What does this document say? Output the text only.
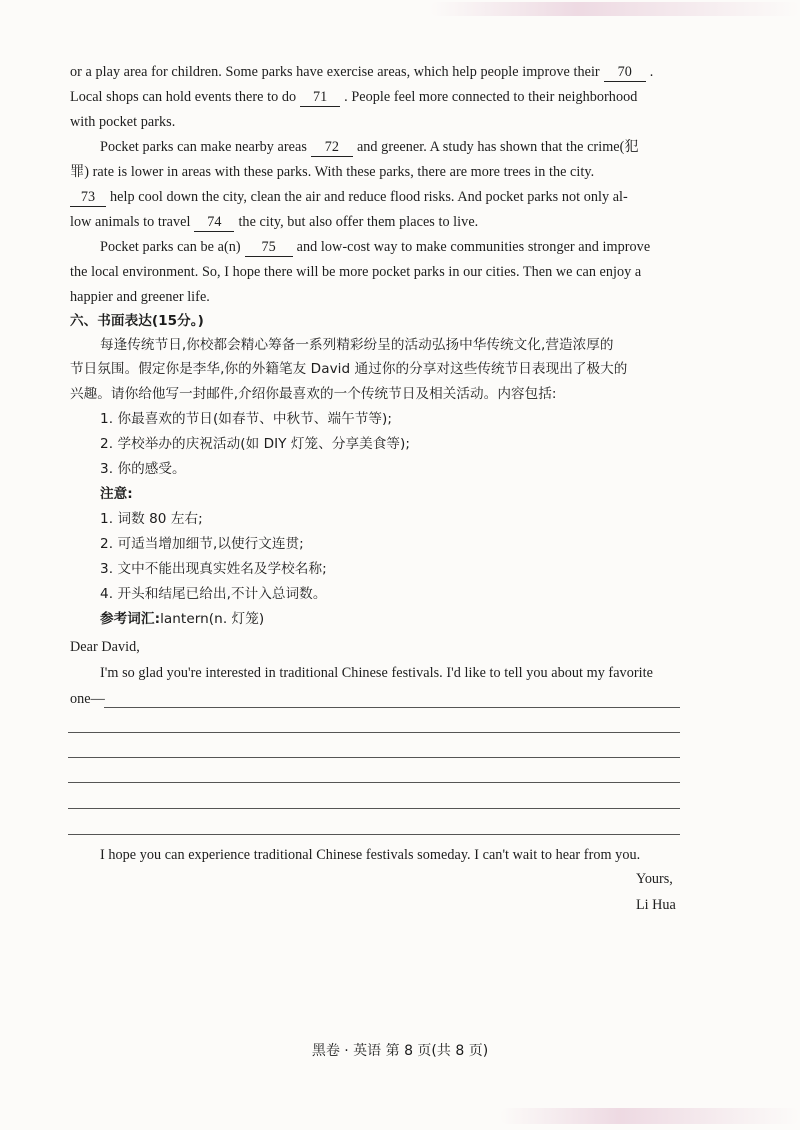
or a play area for children. Some parks have exercise areas, which help people improve their 70 .
Local shops can hold events there to do 71 . People feel more connected to their neighborhood
with pocket parks.
Pocket parks can make nearby areas 72 and greener. A study has shown that the crime(犯
罪) rate is lower in areas with these parks. With these parks, there are more trees in the city.
73 help cool down the city, clean the air and reduce flood risks. And pocket parks not only al-
low animals to travel 74 the city, but also offer them places to live.
Pocket parks can be a(n) 75 and low-cost way to make communities stronger and improve
the local environment. So, I hope there will be more pocket parks in our cities. Then we can enjoy a
happier and greener life.
六、书面表达(15分。)
每逢传统节日,你校都会精心筹备一系列精彩纷呈的活动弘扬中华传统文化,营造浓厚的
节日氛围。假定你是李华,你的外籍笔友 David 通过你的分享对这些传统节日表现出了极大的
兴趣。请你给他写一封邮件,介绍你最喜欢的一个传统节日及相关活动。内容包括:
1. 你最喜欢的节日(如春节、中秋节、端午节等);
2. 学校举办的庆祝活动(如 DIY 灯笼、分享美食等);
3. 你的感受。
注意:
1. 词数 80 左右;
2. 可适当增加细节,以使行文连贯;
3. 文中不能出现真实姓名及学校名称;
4. 开头和结尾已给出,不计入总词数。
参考词汇:lantern(n. 灯笼)
Dear David,
I'm so glad you're interested in traditional Chinese festivals. I'd like to tell you about my favorite
one—
I hope you can experience traditional Chinese festivals someday. I can't wait to hear from you.
Yours,
Li Hua
黑卷 · 英语 第 8 页(共 8 页)
